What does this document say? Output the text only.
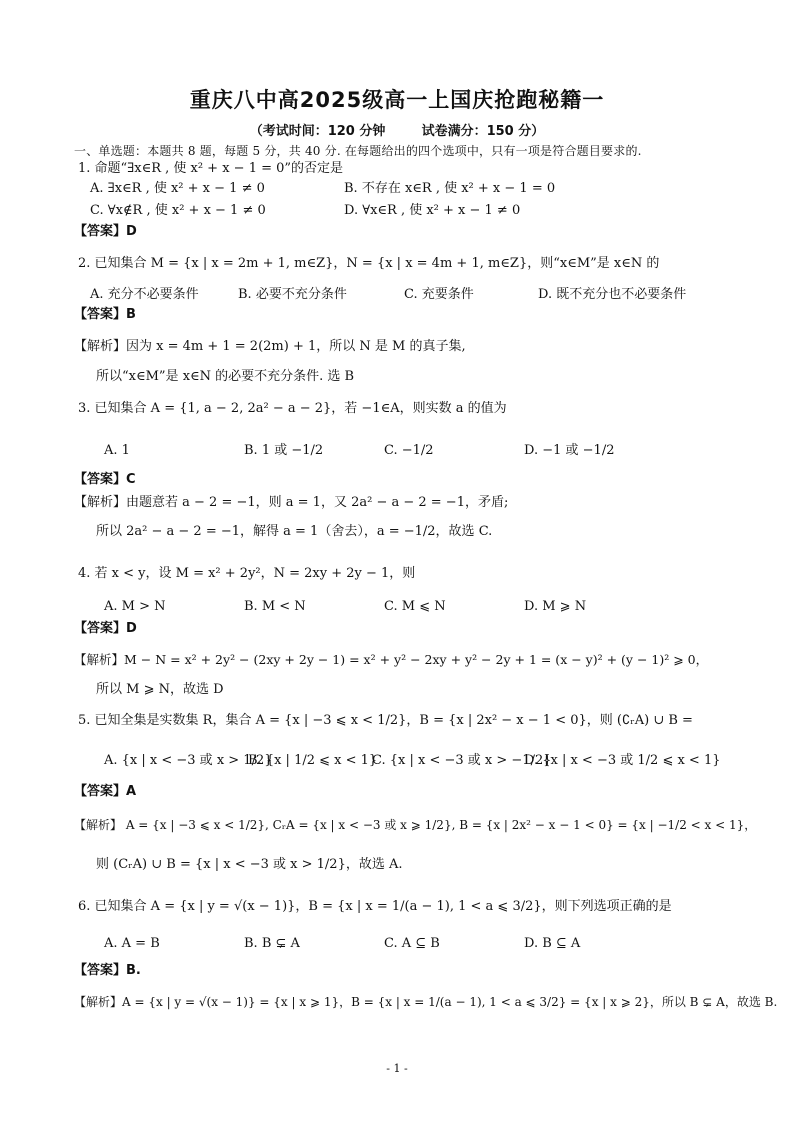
重庆八中高2025级高一上国庆抢跑秘籍一
（考试时间：120 分钟        试卷满分：150 分）
一、单选题：本题共 8 题，每题 5 分，共 40 分. 在每题给出的四个选项中，只有一项是符合题目要求的.
1. 命题“∃x∈R , 使 x² + x − 1 = 0”的否定是
A. ∃x∈R , 使 x² + x − 1 ≠ 0	B. 不存在 x∈R , 使 x² + x − 1 = 0
C. ∀x∉R , 使 x² + x − 1 ≠ 0	D. ∀x∈R , 使 x² + x − 1 ≠ 0
【答案】D
2. 已知集合 M = {x | x = 2m + 1, m∈Z}，N = {x | x = 4m + 1, m∈Z}，则“x∈M”是 x∈N 的
A. 充分不必要条件	B. 必要不充分条件	C. 充要条件	D. 既不充分也不必要条件
【答案】B
【解析】因为 x = 4m + 1 = 2(2m) + 1，所以 N 是 M 的真子集,
所以“x∈M”是 x∈N 的必要不充分条件. 选 B
3. 已知集合 A = {1, a − 2, 2a² − a − 2}，若 −1∈A，则实数 a 的值为
A. 1	B. 1 或 −1/2	C. −1/2	D. −1 或 −1/2
【答案】C
【解析】由题意若 a − 2 = −1，则 a = 1，又 2a² − a − 2 = −1，矛盾;
所以 2a² − a − 2 = −1，解得 a = 1（舍去），a = −1/2，故选 C.
4. 若 x < y，设 M = x² + 2y²，N = 2xy + 2y − 1，则
A. M > N	B. M < N	C. M ⩽ N	D. M ⩾ N
【答案】D
【解析】M − N = x² + 2y² − (2xy + 2y − 1) = x² + y² − 2xy + y² − 2y + 1 = (x − y)² + (y − 1)² ⩾ 0，
所以 M ⩾ N，故选 D
5. 已知全集是实数集 R，集合 A = {x | −3 ⩽ x < 1/2}，B = {x | 2x² − x − 1 < 0}，则 (∁ᵣA) ∪ B =
A. {x | x < −3 或 x > 1/2}
B. {x | 1/2 ⩽ x < 1}
C. {x | x < −3 或 x > −1/2}
D. {x | x < −3 或 1/2 ⩽ x < 1}
【答案】A
【解析】 A = {x | −3 ⩽ x < 1/2}, CᵣA = {x | x < −3 或 x ⩾ 1/2}, B = {x | 2x² − x − 1 < 0} = {x | −1/2 < x < 1}，
则 (CᵣA) ∪ B = {x | x < −3 或 x > 1/2}，故选 A.
6. 已知集合 A = {x | y = √(x − 1)}，B = {x | x = 1/(a − 1), 1 < a ⩽ 3/2}，则下列选项正确的是
A. A = B	B. B ⊊ A	C. A ⊆ B	D. B ⊆ A
【答案】B.
【解析】A = {x | y = √(x − 1)} = {x | x ⩾ 1}，B = {x | x = 1/(a − 1), 1 < a ⩽ 3/2} = {x | x ⩾ 2}，所以 B ⊊ A，故选 B.
- 1 -
